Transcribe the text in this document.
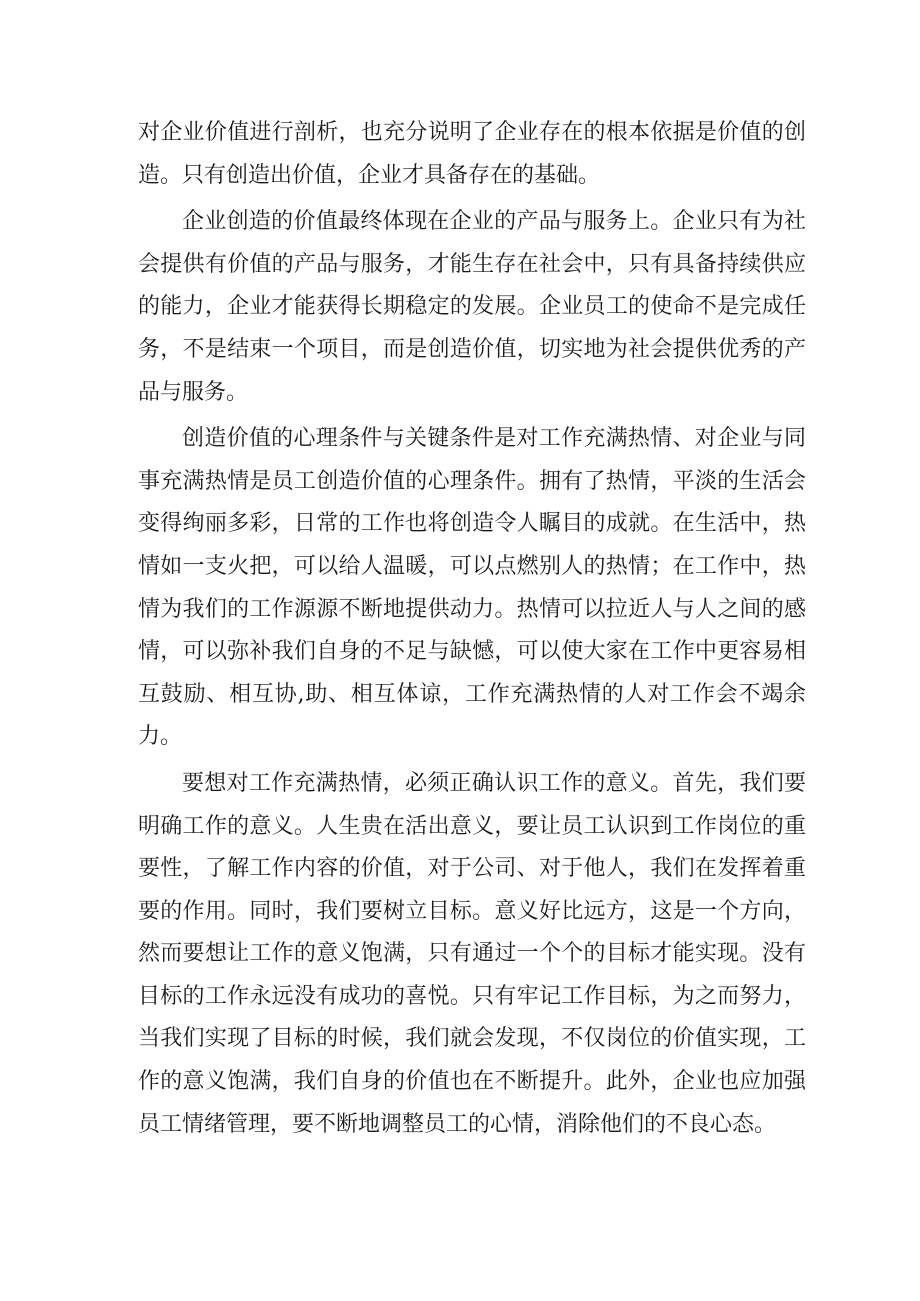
对企业价值进行剖析，也充分说明了企业存在的根本依据是价值的创造。只有创造出价值，企业才具备存在的基础。

企业创造的价值最终体现在企业的产品与服务上。企业只有为社会提供有价值的产品与服务，才能生存在社会中，只有具备持续供应的能力，企业才能获得长期稳定的发展。企业员工的使命不是完成任务，不是结束一个项目，而是创造价值，切实地为社会提供优秀的产品与服务。

创造价值的心理条件与关键条件是对工作充满热情、对企业与同事充满热情是员工创造价值的心理条件。拥有了热情，平淡的生活会变得绚丽多彩，日常的工作也将创造令人瞩目的成就。在生活中，热情如一支火把，可以给人温暖，可以点燃别人的热情；在工作中，热情为我们的工作源源不断地提供动力。热情可以拉近人与人之间的感情，可以弥补我们自身的不足与缺憾，可以使大家在工作中更容易相互鼓励、相互协,助、相互体谅，工作充满热情的人对工作会不竭余力。

要想对工作充满热情，必须正确认识工作的意义。首先，我们要明确工作的意义。人生贵在活出意义，要让员工认识到工作岗位的重要性，了解工作内容的价值，对于公司、对于他人，我们在发挥着重要的作用。同时，我们要树立目标。意义好比远方，这是一个方向，然而要想让工作的意义饱满，只有通过一个个的目标才能实现。没有目标的工作永远没有成功的喜悦。只有牢记工作目标，为之而努力，当我们实现了目标的时候，我们就会发现，不仅岗位的价值实现，工作的意义饱满，我们自身的价值也在不断提升。此外，企业也应加强员工情绪管理，要不断地调整员工的心情，消除他们的不良心态。
